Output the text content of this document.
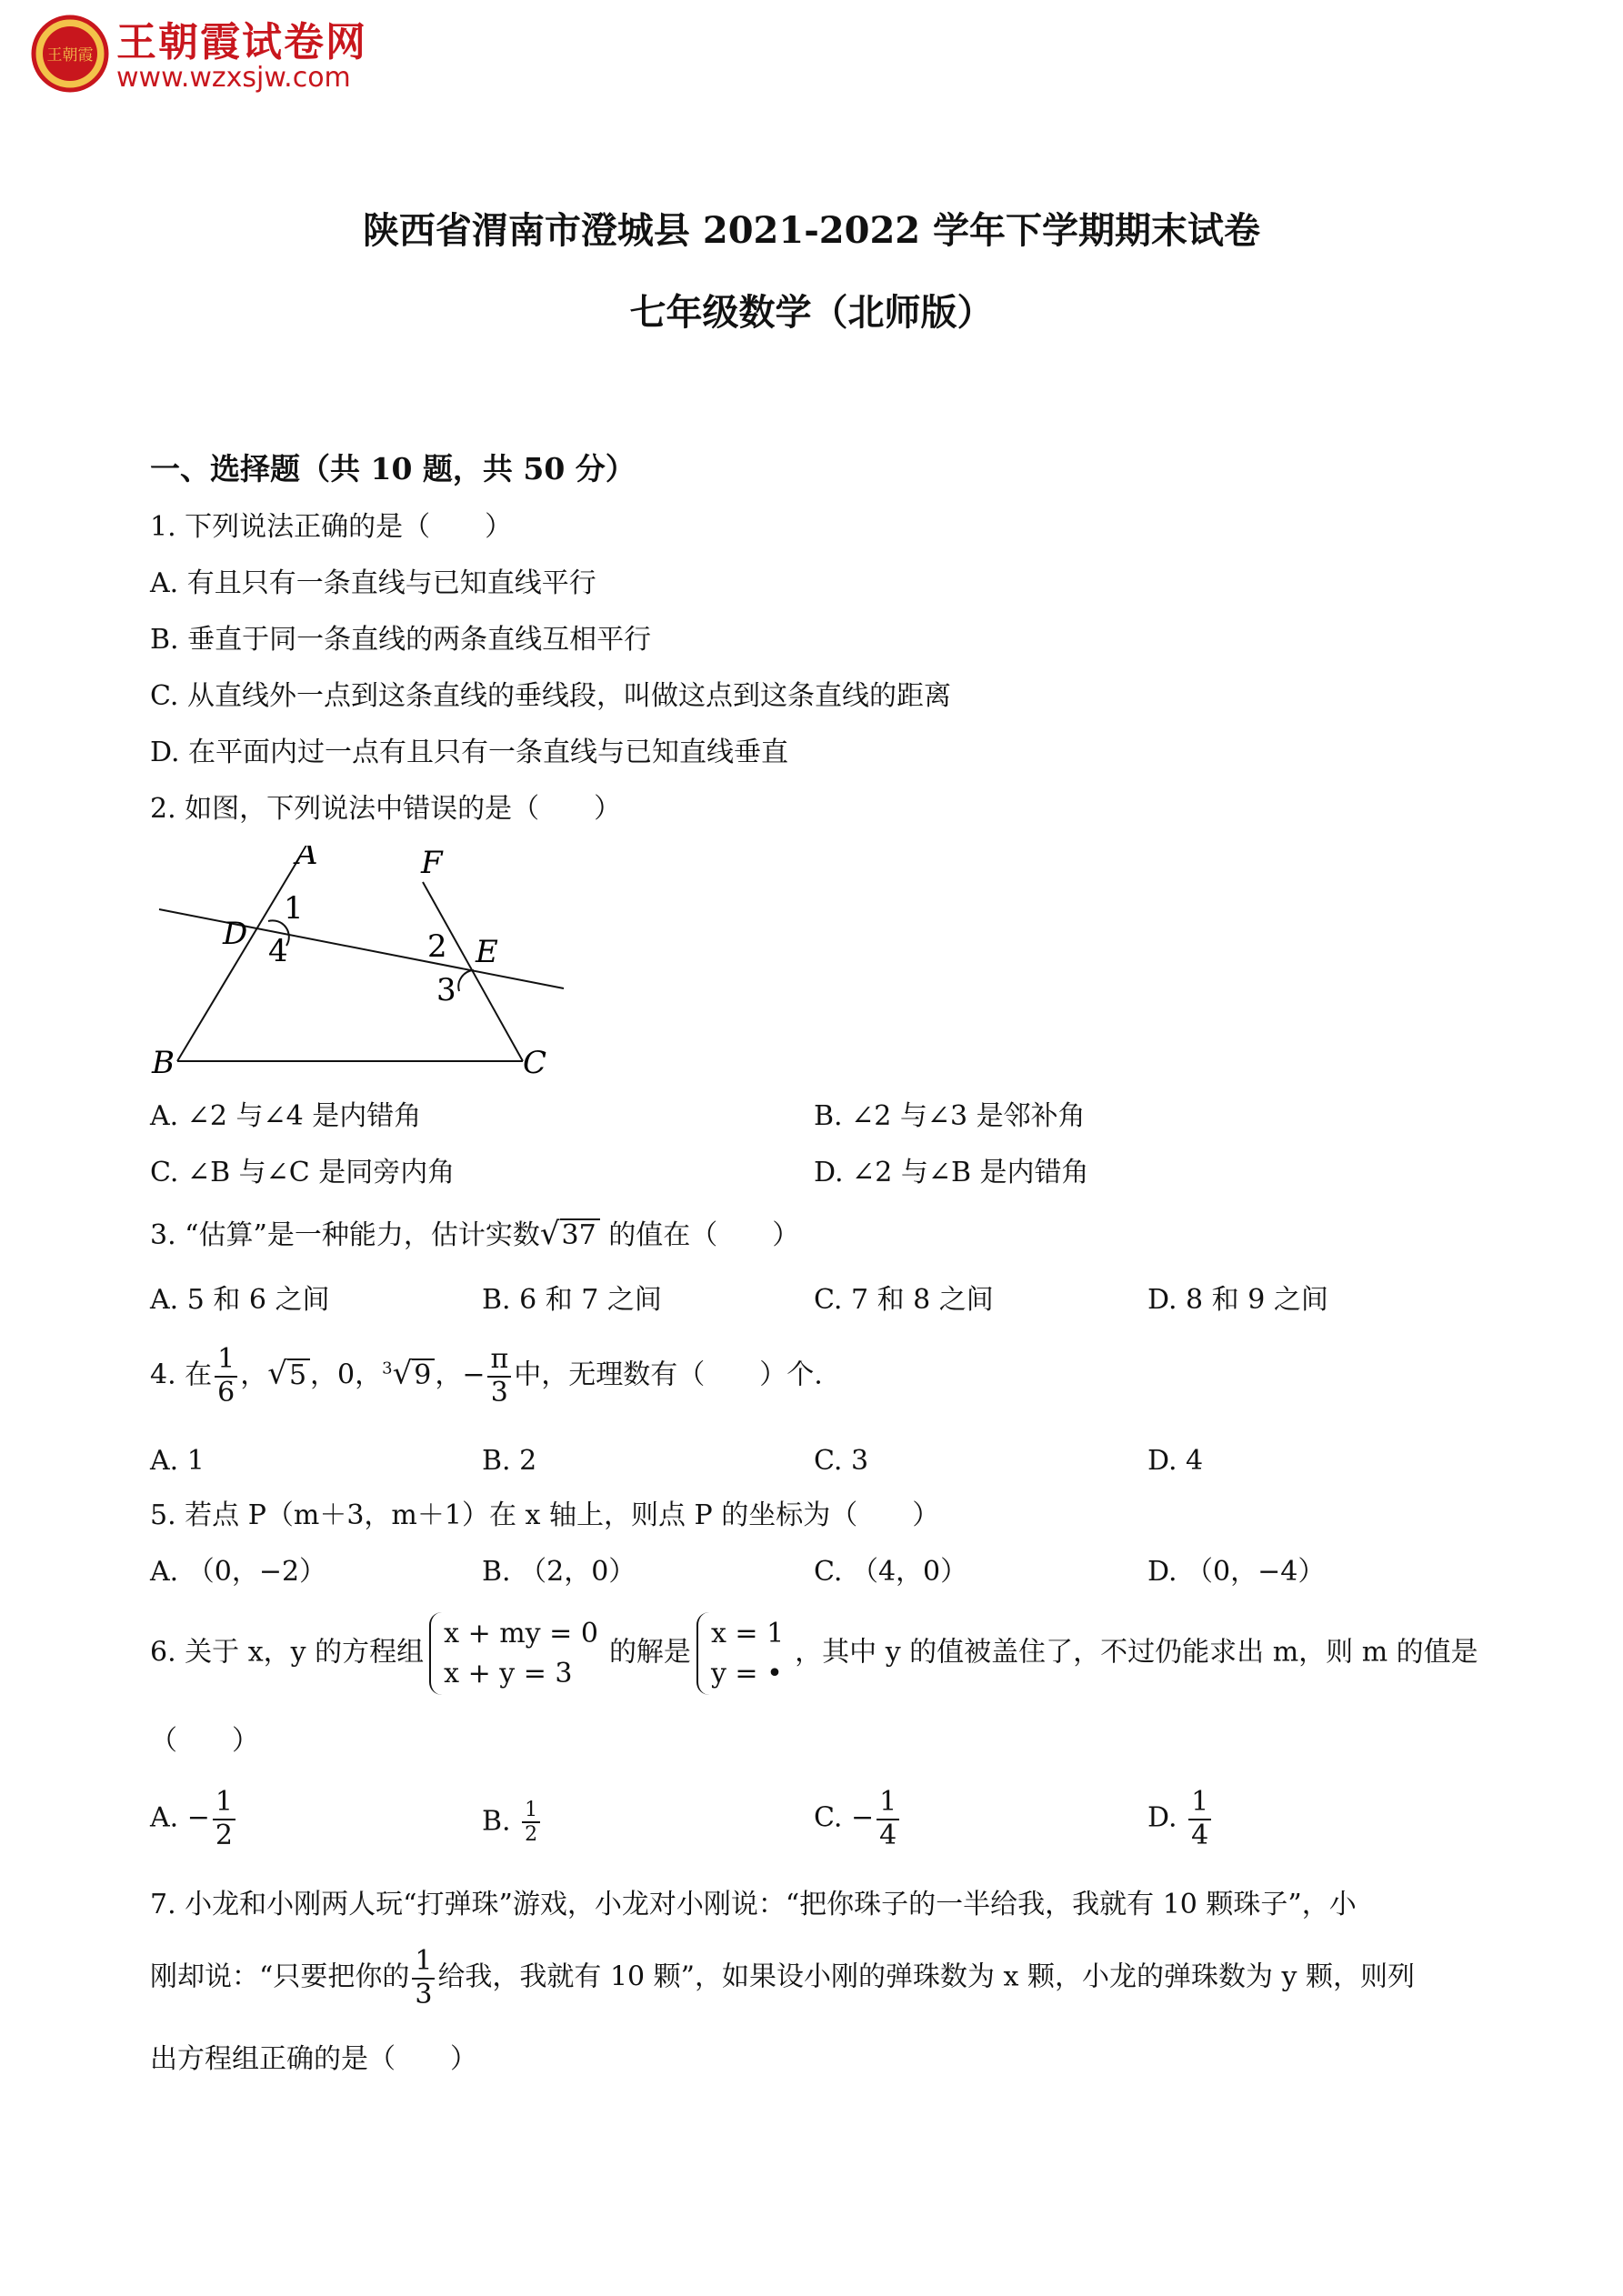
王朝霞 王朝霞试卷网
www.wzxsjw.com
陕西省渭南市澄城县 2021-2022 学年下学期期末试卷
七年级数学（北师版）
一、选择题（共 10 题，共 50 分）
1. 下列说法正确的是（　　）
A. 有且只有一条直线与已知直线平行
B. 垂直于同一条直线的两条直线互相平行
C. 从直线外一点到这条直线的垂线段，叫做这点到这条直线的距离
D. 在平面内过一点有且只有一条直线与已知直线垂直
2. 如图，下列说法中错误的是（　　）
A	F
D	E
B	C
1
4	2
3
A. ∠2 与∠4 是内错角	B. ∠2 与∠3 是邻补角
C. ∠B 与∠C 是同旁内角	D. ∠2 与∠B 是内错角
3. “估算”是一种能力，估计实数√37 的值在（　　）
A. 5 和 6 之间	B. 6 和 7 之间	C. 7 和 8 之间	D. 8 和 9 之间
4. 在 $\frac{1}{6}$ ，√5 ，0，$^3$√9 ，− $\frac{\pi}{3}$ 中，无理数有（　　）个.
A. 1	B. 2	C. 3	D. 4
5. 若点 P（m＋3，m＋1）在 x 轴上，则点 P 的坐标为（　　）
A. （0，−2）	B. （2，0）	C. （4，0）	D. （0，−4）
6. 关于 x，y 的方程组
x + my = 0
x + y = 3
的解是
x = 1
y = •
，其中 y 的值被盖住了，不过仍能求出 m，则 m 的值是
（　　）
A. − $\frac{1}{2}$	B. $\frac{1}{2}$	C. − $\frac{1}{4}$	D. $\frac{1}{4}$
7. 小龙和小刚两人玩“打弹珠”游戏，小龙对小刚说：“把你珠子的一半给我，我就有 10 颗珠子”，小
刚却说：“只要把你的 $\frac{1}{3}$ 给我，我就有 10 颗”，如果设小刚的弹珠数为 x 颗，小龙的弹珠数为 y 颗，则列
出方程组正确的是（　　）
